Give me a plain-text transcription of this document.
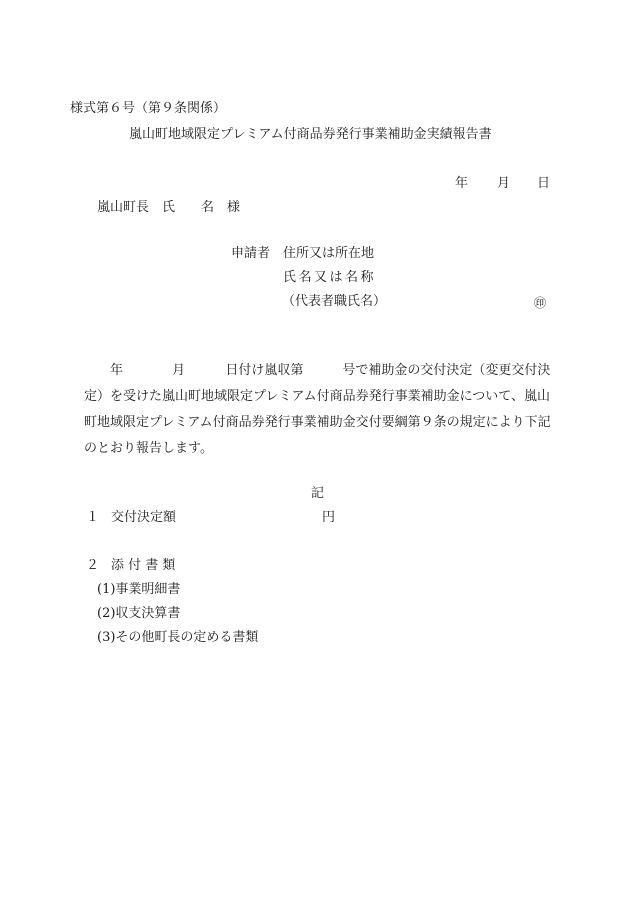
様式第６号（第９条関係）
嵐山町地域限定プレミアム付商品券発行事業補助金実績報告書
年 月 日
嵐山町長　氏　　名　様
申請者 住所又は所在地
氏名又は名称
（代表者職氏名）	㊞

年	月	日付け嵐収第　　　号で補助金の交付決定（変更交付決

定）を受けた嵐山町地域限定プレミアム付商品券発行事業補助金について、嵐山

町地域限定プレミアム付商品券発行事業補助金交付要綱第９条の規定により下記

のとおり報告します。

記
１ 交付決定額	円
２ 添 付 書 類
(1)事業明細書
(2)収支決算書
(3)その他町長の定める書類
